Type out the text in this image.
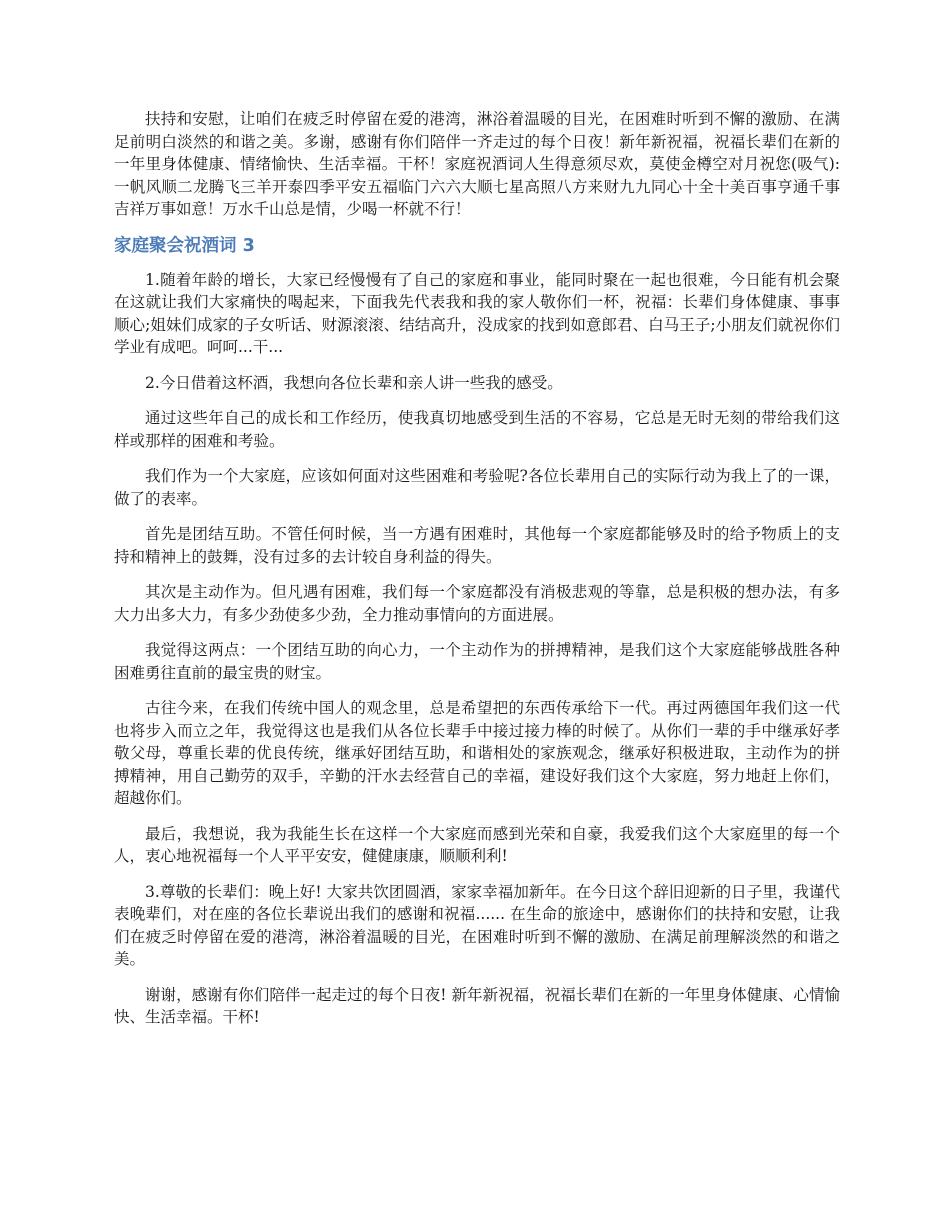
扶持和安慰，让咱们在疲乏时停留在爱的港湾，淋浴着温暖的目光，在困难时听到不懈的激励、在满足前明白淡然的和谐之美。多谢，感谢有你们陪伴一齐走过的每个日夜！新年新祝福，祝福长辈们在新的一年里身体健康、情绪愉快、生活幸福。干杯！家庭祝酒词人生得意须尽欢，莫使金樽空对月祝您(吸气):一帆风顺二龙腾飞三羊开泰四季平安五福临门六六大顺七星高照八方来财九九同心十全十美百事亨通千事吉祥万事如意！万水千山总是情，少喝一杯就不行！

家庭聚会祝酒词 3

1.随着年龄的增长，大家已经慢慢有了自己的家庭和事业，能同时聚在一起也很难，今日能有机会聚在这就让我们大家痛快的喝起来，下面我先代表我和我的家人敬你们一杯，祝福：长辈们身体健康、事事顺心;姐妹们成家的子女听话、财源滚滚、结结高升，没成家的找到如意郎君、白马王子;小朋友们就祝你们学业有成吧。呵呵...干...

2.今日借着这杯酒，我想向各位长辈和亲人讲一些我的感受。

通过这些年自己的成长和工作经历，使我真切地感受到生活的不容易，它总是无时无刻的带给我们这样或那样的困难和考验。

我们作为一个大家庭，应该如何面对这些困难和考验呢?各位长辈用自己的实际行动为我上了的一课，做了的表率。

首先是团结互助。不管任何时候，当一方遇有困难时，其他每一个家庭都能够及时的给予物质上的支持和精神上的鼓舞，没有过多的去计较自身利益的得失。

其次是主动作为。但凡遇有困难，我们每一个家庭都没有消极悲观的等靠，总是积极的想办法，有多大力出多大力，有多少劲使多少劲，全力推动事情向的方面进展。

我觉得这两点：一个团结互助的向心力，一个主动作为的拼搏精神，是我们这个大家庭能够战胜各种困难勇往直前的最宝贵的财宝。

古往今来，在我们传统中国人的观念里，总是希望把的东西传承给下一代。再过两德国年我们这一代也将步入而立之年，我觉得这也是我们从各位长辈手中接过接力棒的时候了。从你们一辈的手中继承好孝敬父母，尊重长辈的优良传统，继承好团结互助，和谐相处的家族观念，继承好积极进取，主动作为的拼搏精神，用自己勤劳的双手，辛勤的汗水去经营自己的幸福，建设好我们这个大家庭，努力地赶上你们，超越你们。

最后，我想说，我为我能生长在这样一个大家庭而感到光荣和自豪，我爱我们这个大家庭里的每一个人，衷心地祝福每一个人平平安安，健健康康，顺顺利利!

3.尊敬的长辈们：晚上好! 大家共饮团圆酒，家家幸福加新年。在今日这个辞旧迎新的日子里，我谨代表晚辈们，对在座的各位长辈说出我们的感谢和祝福...... 在生命的旅途中，感谢你们的扶持和安慰，让我们在疲乏时停留在爱的港湾，淋浴着温暖的目光，在困难时听到不懈的激励、在满足前理解淡然的和谐之美。

谢谢，感谢有你们陪伴一起走过的每个日夜! 新年新祝福，祝福长辈们在新的一年里身体健康、心情愉快、生活幸福。干杯!
